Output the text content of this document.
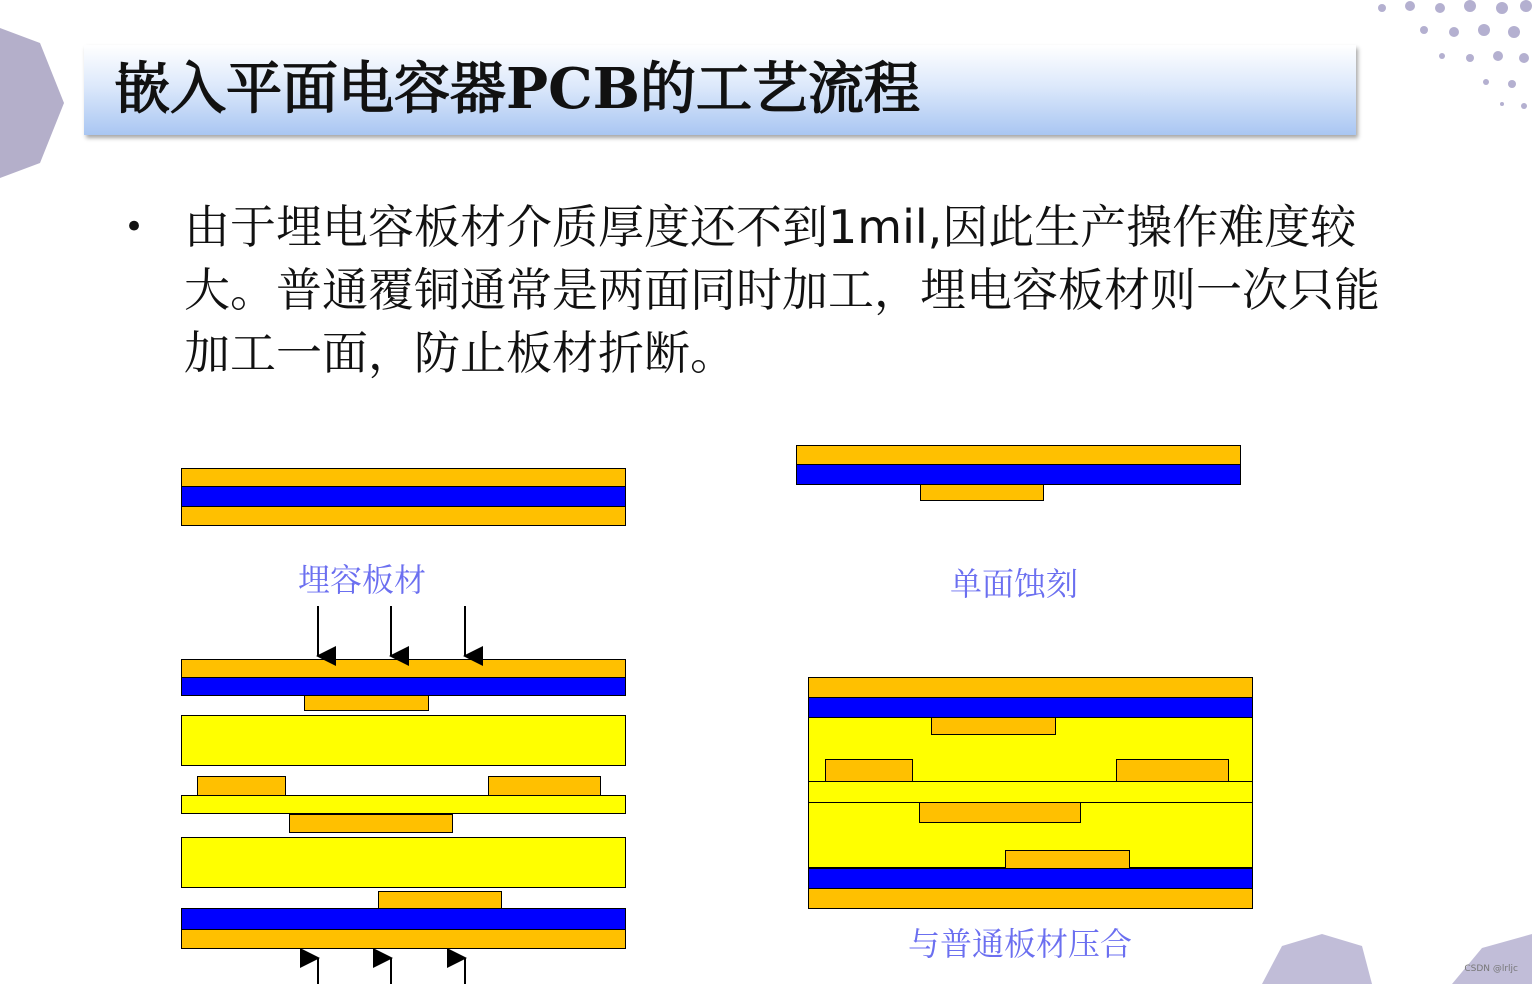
嵌入平面电容器PCB的工艺流程
• 由于埋电容板材介质厚度还不到1mil,因此生产操作难度较大。普通覆铜通常是两面同时加工，埋电容板材则一次只能加工一面，防止板材折断。
埋容板材	单面蚀刻
与普通板材压合
CSDN @lrljc
